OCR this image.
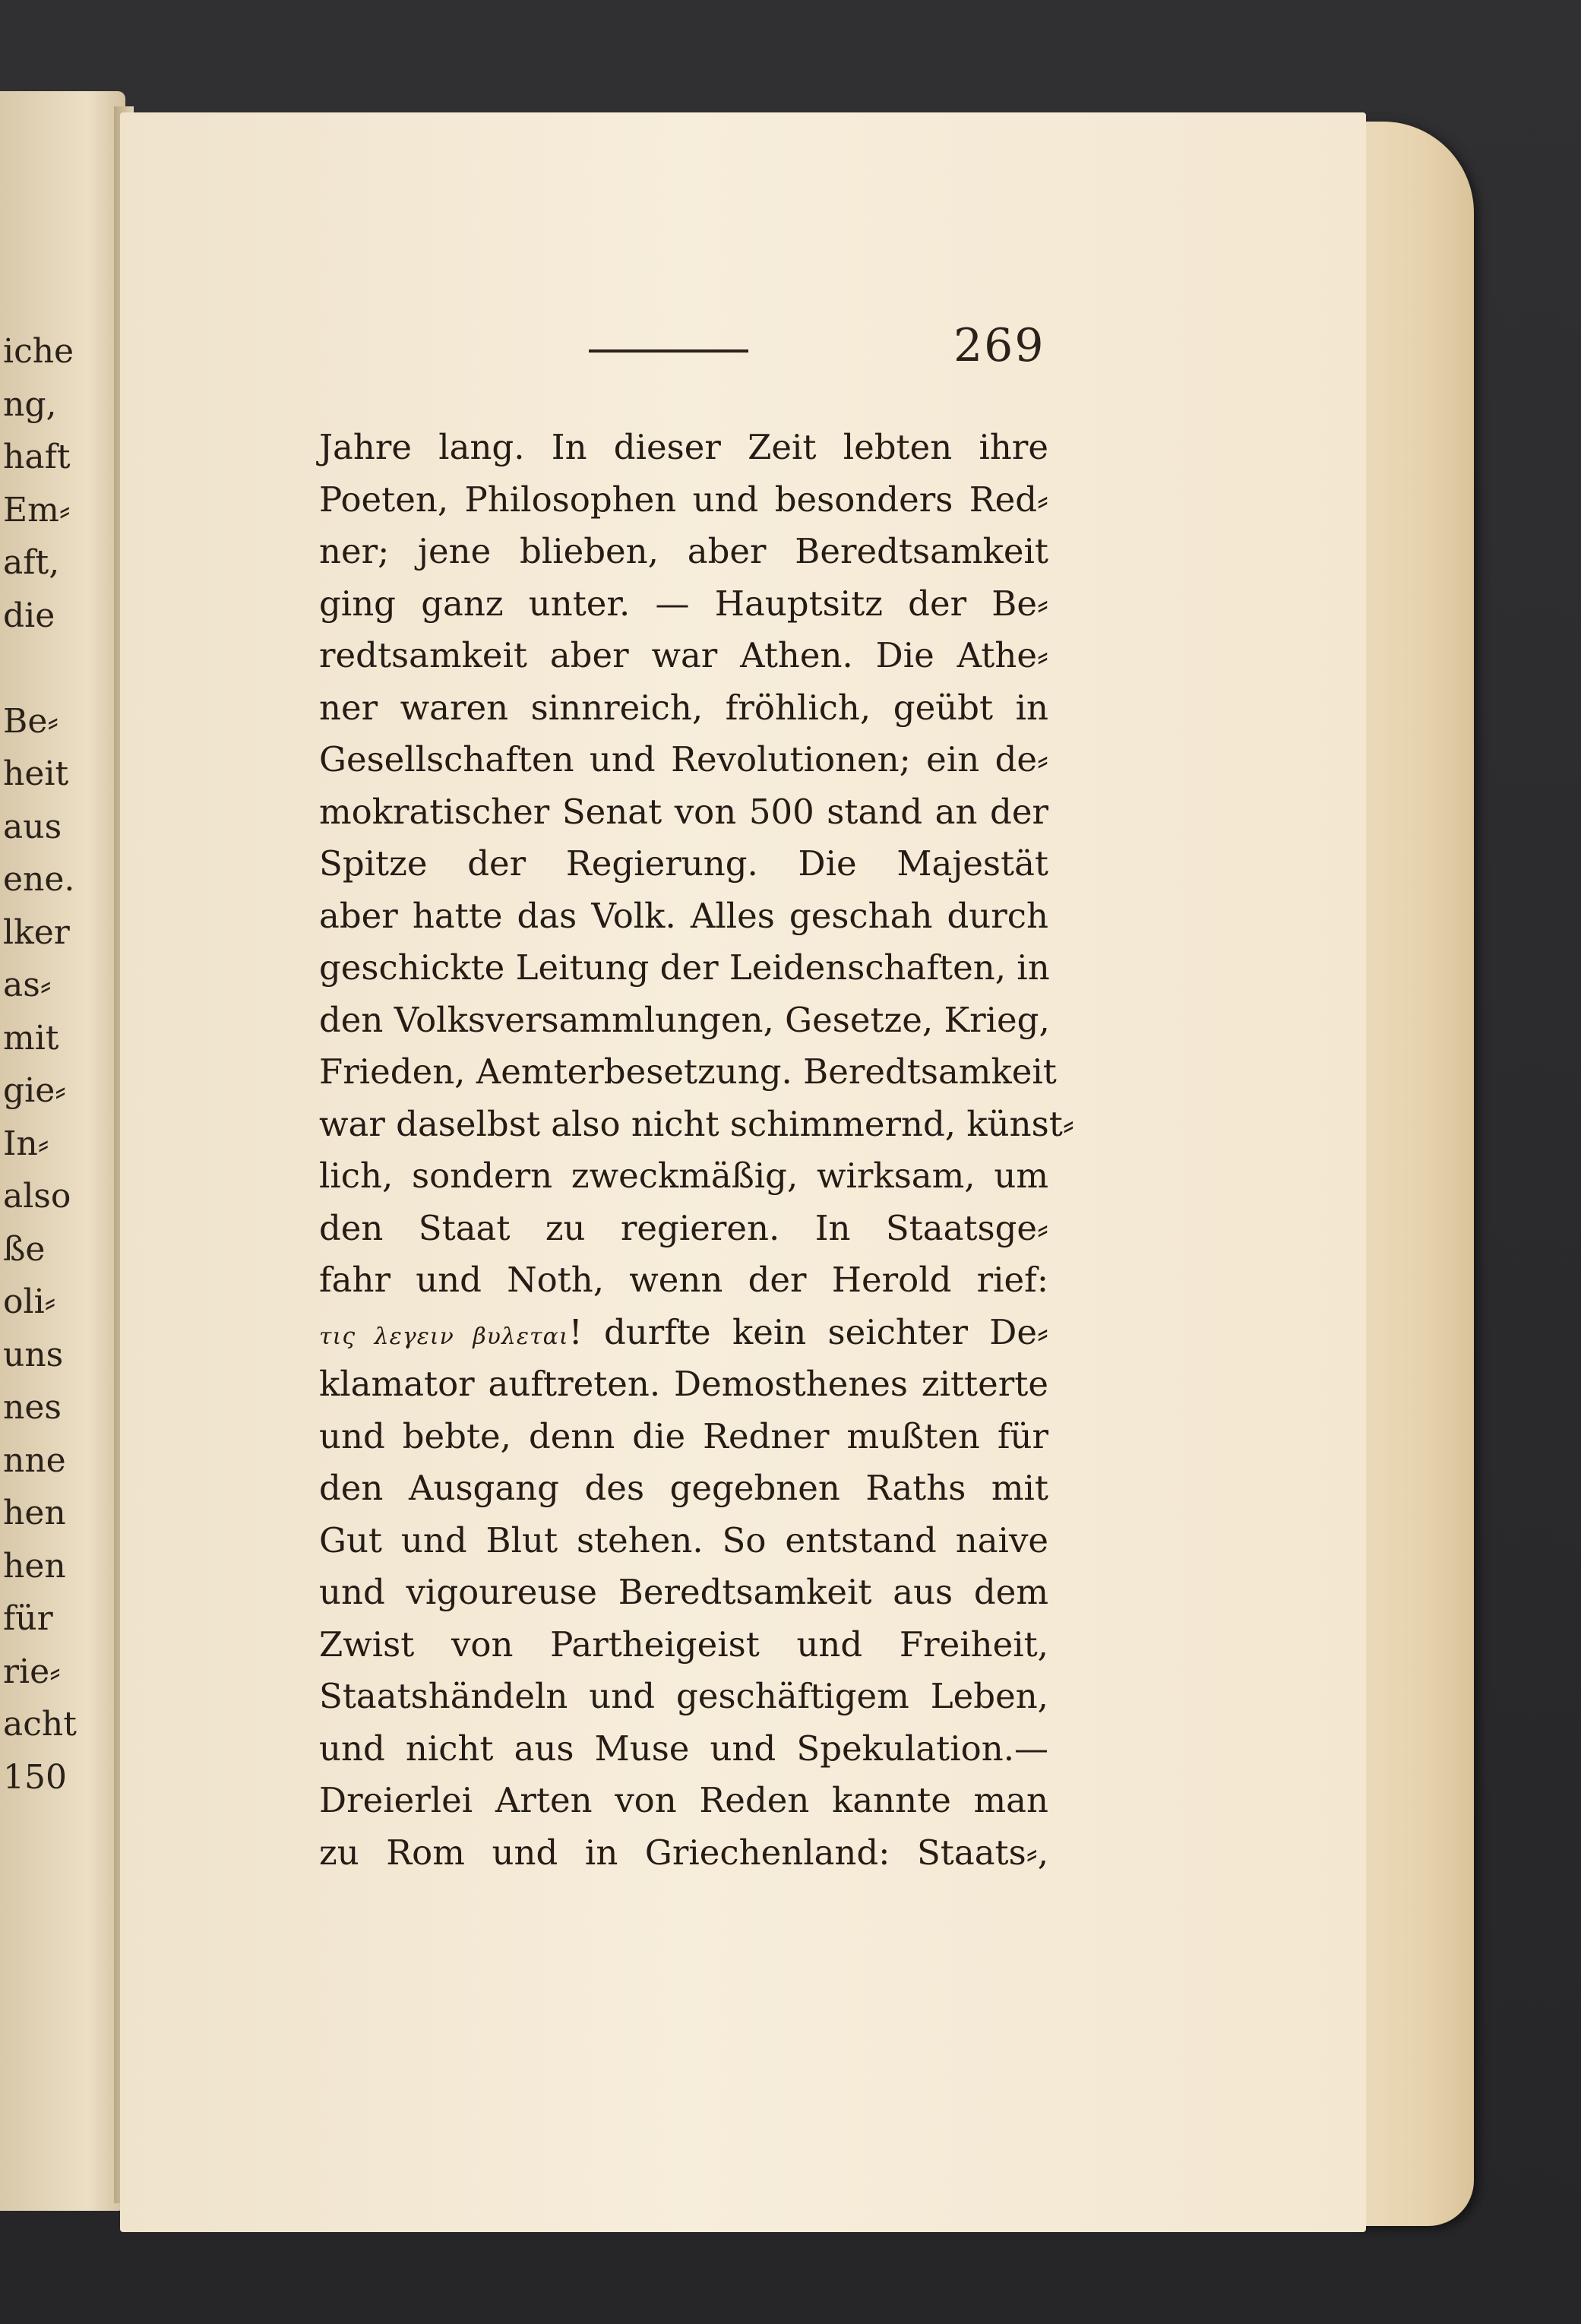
iche
ng,
haft
Em⸗
aft,
die
Be⸗
heit
aus
ene.
lker
as⸗
mit
gie⸗
In⸗
also
ße
oli⸗
uns
nes
nne
hen
hen
für
rie⸗
acht
150
269
Jahre lang. In dieser Zeit lebten ihre
Poeten, Philosophen und besonders Red⸗
ner; jene blieben, aber Beredtsamkeit
ging ganz unter. — Hauptsitz der Be⸗
redtsamkeit aber war Athen. Die Athe⸗
ner waren sinnreich, fröhlich, geübt in
Gesellschaften und Revolutionen; ein de⸗
mokratischer Senat von 500 stand an der
Spitze der Regierung. Die Majestät
aber hatte das Volk. Alles geschah durch
geschickte Leitung der Leidenschaften, in
den Volksversammlungen, Gesetze, Krieg,
Frieden, Aemterbesetzung. Beredtsamkeit
war daselbst also nicht schimmernd, künst⸗
lich, sondern zweckmäßig, wirksam, um
den Staat zu regieren. In Staatsge⸗
fahr und Noth, wenn der Herold rief:
τις λεγειν βυλεται! durfte kein seichter De⸗
klamator auftreten. Demosthenes zitterte
und bebte, denn die Redner mußten für
den Ausgang des gegebnen Raths mit
Gut und Blut stehen. So entstand naive
und vigoureuse Beredtsamkeit aus dem
Zwist von Partheigeist und Freiheit,
Staatshändeln und geschäftigem Leben,
und nicht aus Muse und Spekulation.—
Dreierlei Arten von Reden kannte man
zu Rom und in Griechenland: Staats⸗,
